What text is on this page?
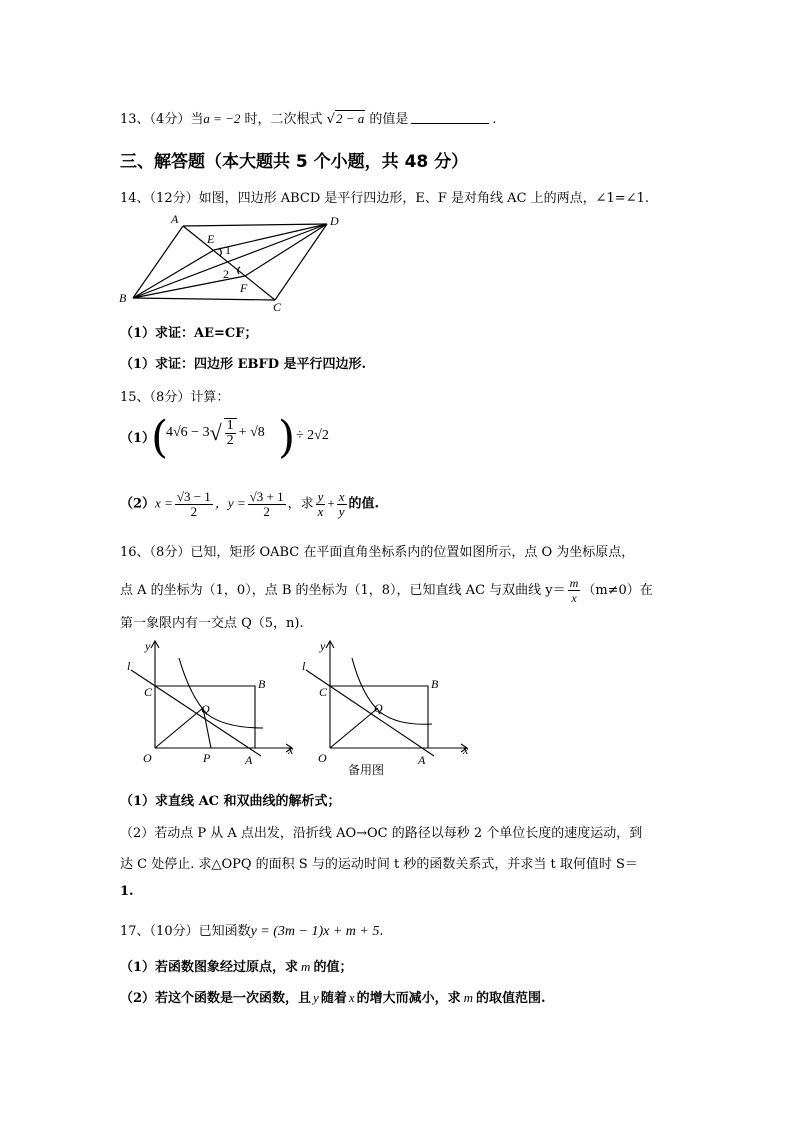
13、（4分）当a = −2 时，二次根式 √2 − a 的值是	.
三、解答题（本大题共 5 个小题，共 48 分）
14、（12分）如图，四边形 ABCD 是平行四边形，E、F 是对角线 AC 上的两点，∠1=∠1.
A	D
B
C
E
F
1
2
（1）求证：AE=CF；
（1）求证：四边形 EBFD 是平行四边形.
15、（8分）计算：
（1）
(
$4√6 - 3√ \frac{1}{2} + √8$ ) ÷ 2√2
$(2)x = \frac{√3 - 1}{2}$ ，$y = \frac{√3 + 1}{2}$ ，求 $\frac{y}{x} + \frac{x}{y}$ 的值.
16、（8分）已知，矩形 OABC 在平面直角坐标系内的位置如图所示，点 O 为坐标原点，
点 A 的坐标为（1，0），点 B 的坐标为（1，8），已知直线 AC 与双曲线 $y= \frac{m}{x} (m\ne 0)$在
第一象限内有一交点 Q（5，n).
y
l
x
O	A
B
C
Q
P
y
l
x
O	A
B
C
Q
备用图
（1）求直线 AC 和双曲线的解析式；
（2）若动点 P 从 A 点出发，沿折线 AO→OC 的路径以每秒 2 个单位长度的速度运动，到
达 C 处停止. 求△OPQ 的面积 S 与的运动时间 t 秒的函数关系式，并求当 t 取何值时 S＝
1.
17、（10分）已知函数y = (3m − 1)x + m + 5.
（1）若函数图象经过原点，求 m 的值；
（2）若这个函数是一次函数，且 y 随着 x 的增大而减小，求 m 的取值范围.
